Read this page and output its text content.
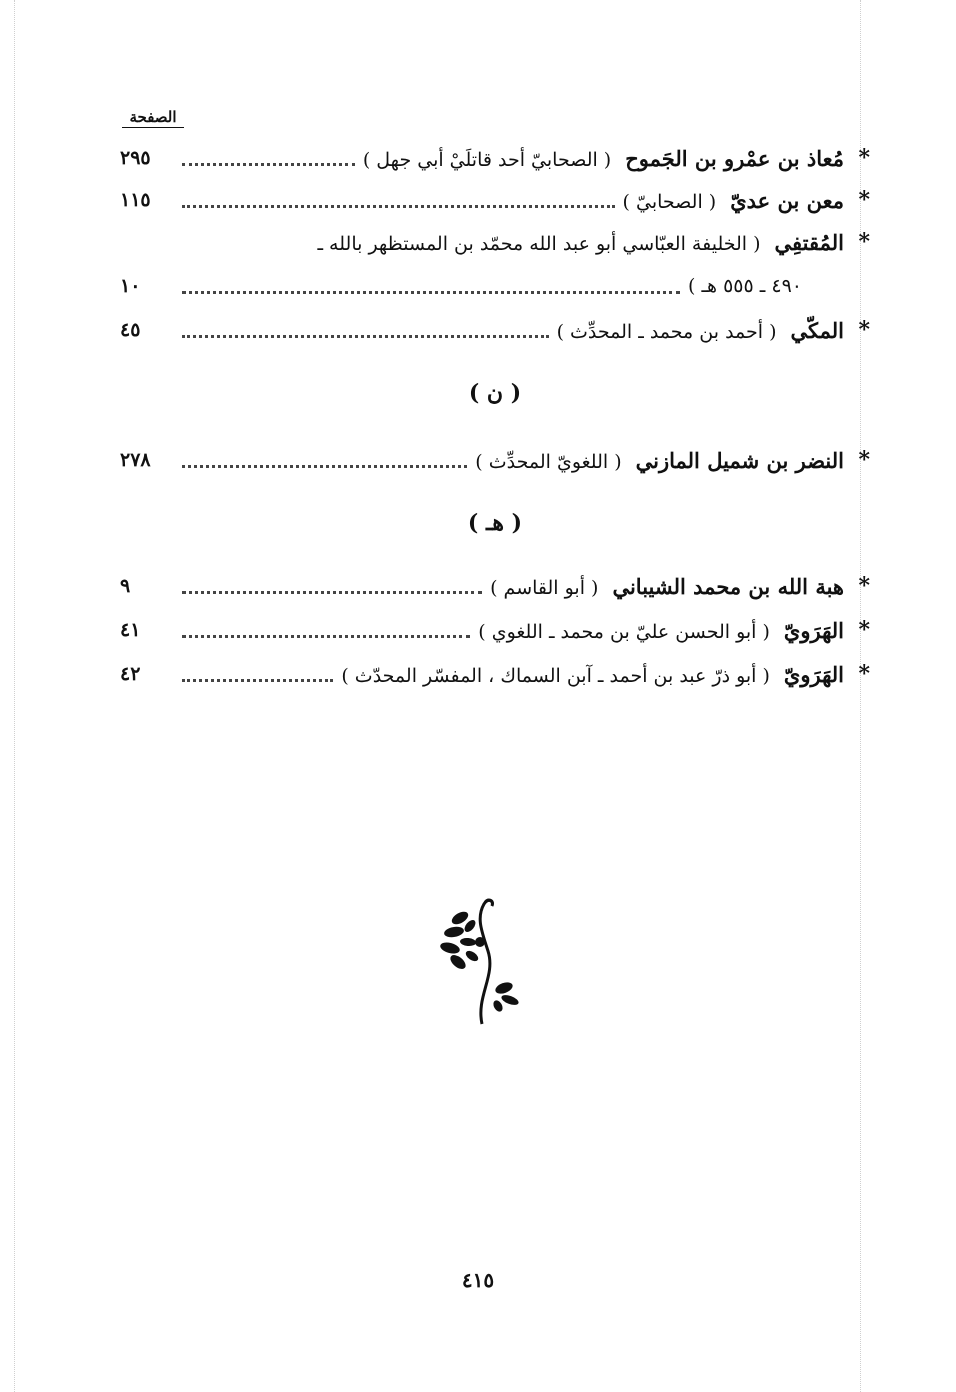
الصفحة
٢٩٥	مُعاذ بن عمْرو بن الجَموح( الصحابيّ أحد قاتلَيْ أبي جهل )	*
١١٥	معن بن عديّ( الصحابيّ )	*
المُقتفِي( الخليفة العبّاسي أبو عبد الله محمّد بن المستظهر بالله ـ	*
١٠	٤٩٠ ـ ٥٥٥ هـ )
٤٥	المكّي( أحمد بن محمد ـ المحدِّث )	*
( ن )
٢٧٨	النضر بن شميل المازني( اللغويّ المحدِّث )	*
( هـ )
٩	هبة الله بن محمد الشيباني( أبو القاسم )	*
٤١	الهَرَويّ( أبو الحسن عليّ بن محمد ـ اللغوي )	*
٤٢	الهَرَويّ( أبو ذرّ عبد بن أحمد ـ آبن السماك ، المفسّر المحدّث )	*
٤١٥
